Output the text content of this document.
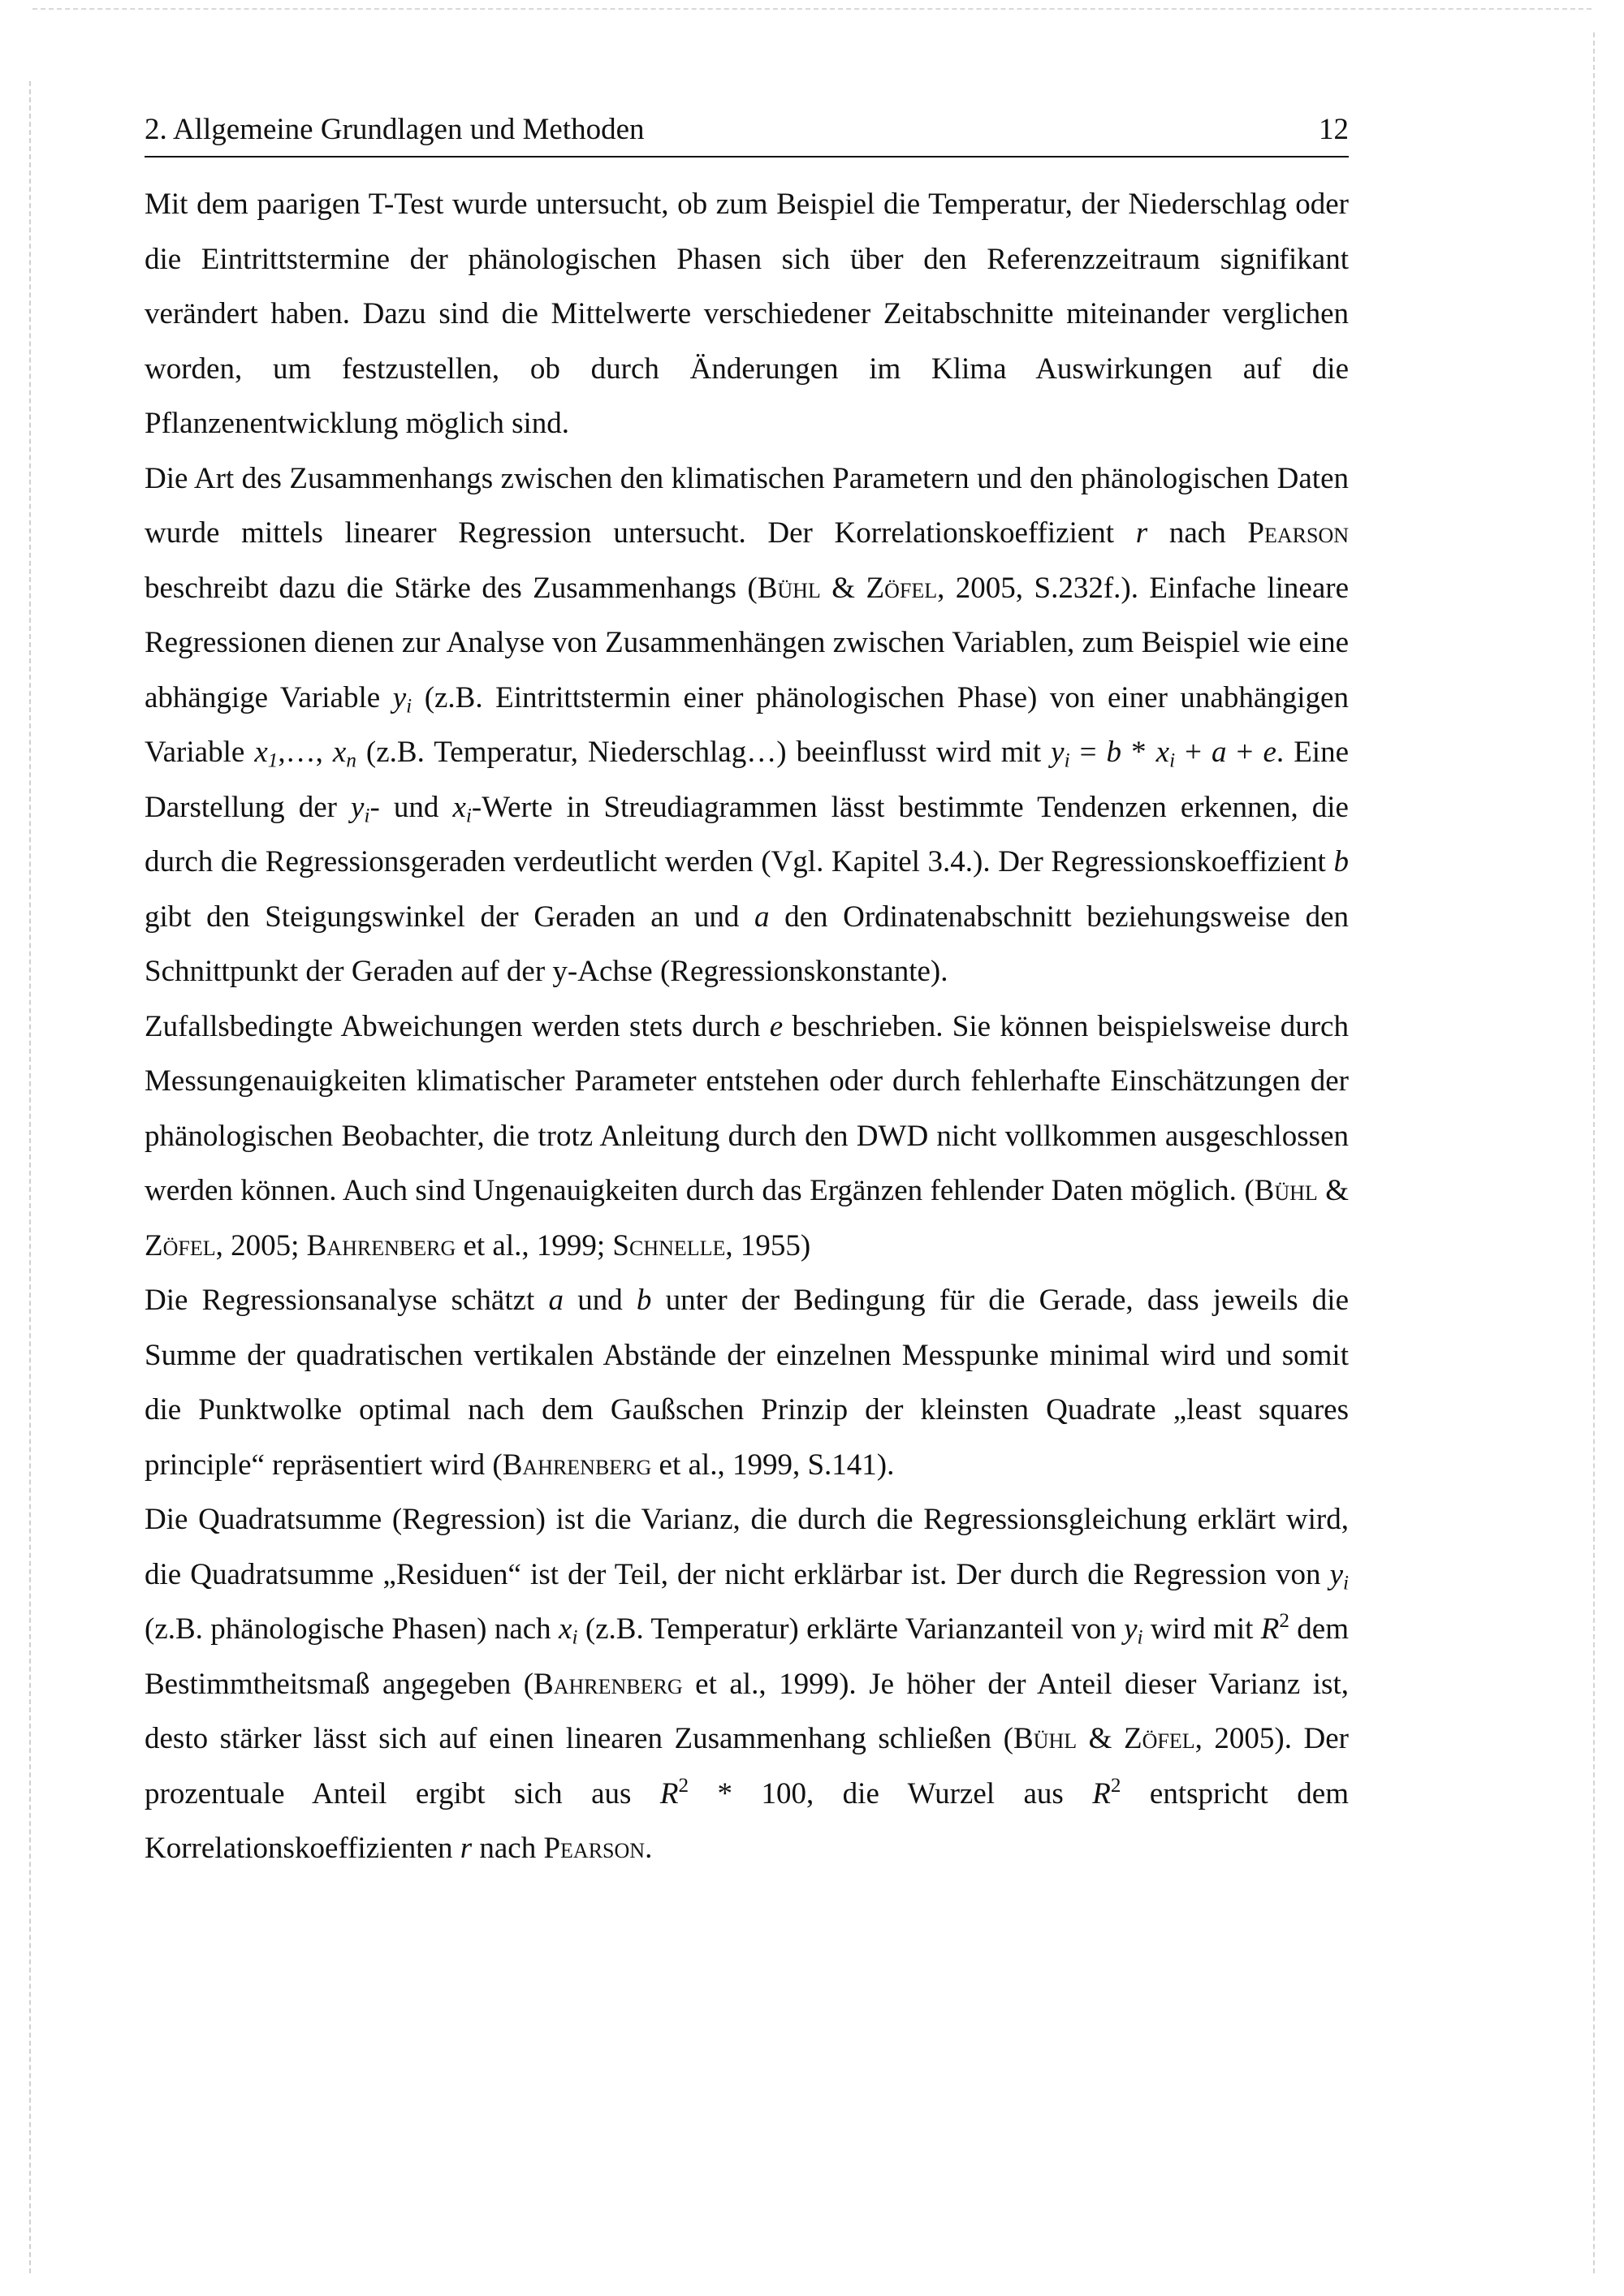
2. Allgemeine Grundlagen und Methoden	12

Mit dem paarigen T-Test wurde untersucht, ob zum Beispiel die Temperatur, der Niederschlag oder die Eintrittstermine der phänologischen Phasen sich über den Referenzzeitraum signifikant verändert haben. Dazu sind die Mittelwerte verschiedener Zeitabschnitte miteinander verglichen worden, um festzustellen, ob durch Änderungen im Klima Auswirkungen auf die Pflanzenentwicklung möglich sind.

Die Art des Zusammenhangs zwischen den klimatischen Parametern und den phänologischen Daten wurde mittels linearer Regression untersucht. Der Korrelationskoeffizient r nach Pearson beschreibt dazu die Stärke des Zusammenhangs (Bühl & Zöfel, 2005, S.232f.). Einfache lineare Regressionen dienen zur Analyse von Zusammenhängen zwischen Variablen, zum Beispiel wie eine abhängige Variable $y_i$ (z.B. Eintrittstermin einer phänologischen Phase) von einer unabhängigen Variable $x_1,\dots$, $x_n$ (z.B. Temperatur, Niederschlag…) beeinflusst wird mit $y_i = b * x_i + a + e$. Eine Darstellung der $y_i-$ und $x_i$-Werte in Streudiagrammen lässt bestimmte Tendenzen erkennen, die durch die Regressionsgeraden verdeutlicht werden (Vgl. Kapitel 3.4.). Der Regressionskoeffizient b gibt den Steigungswinkel der Geraden an und a den Ordinatenabschnitt beziehungsweise den Schnittpunkt der Geraden auf der y-Achse (Regressionskonstante).

Zufallsbedingte Abweichungen werden stets durch e beschrieben. Sie können beispielsweise durch Messungenauigkeiten klimatischer Parameter entstehen oder durch fehlerhafte Einschätzungen der phänologischen Beobachter, die trotz Anleitung durch den DWD nicht vollkommen ausgeschlossen werden können. Auch sind Ungenauigkeiten durch das Ergänzen fehlender Daten möglich. (Bühl & Zöfel, 2005; Bahrenberg et al., 1999; Schnelle, 1955)

Die Regressionsanalyse schätzt a und b unter der Bedingung für die Gerade, dass jeweils die Summe der quadratischen vertikalen Abstände der einzelnen Messpunke minimal wird und somit die Punktwolke optimal nach dem Gaußschen Prinzip der kleinsten Quadrate „least squares principle“ repräsentiert wird (Bahrenberg et al., 1999, S.141).

Die Quadratsumme (Regression) ist die Varianz, die durch die Regressionsgleichung erklärt wird, die Quadratsumme „Residuen“ ist der Teil, der nicht erklärbar ist. Der durch die Regression von $y_i$ (z.B. phänologische Phasen) nach $x_i$ (z.B. Temperatur) erklärte Varianzanteil von $y_i$ wird mit $R^2$ dem Bestimmtheitsmaß angegeben (Bahrenberg et al., 1999). Je höher der Anteil dieser Varianz ist, desto stärker lässt sich auf einen linearen Zusammenhang schließen (Bühl & Zöfel, 2005). Der prozentuale Anteil ergibt sich aus $R^2 * 100$, die Wurzel aus $R^2$ entspricht dem Korrelationskoeffizienten r nach Pearson.
